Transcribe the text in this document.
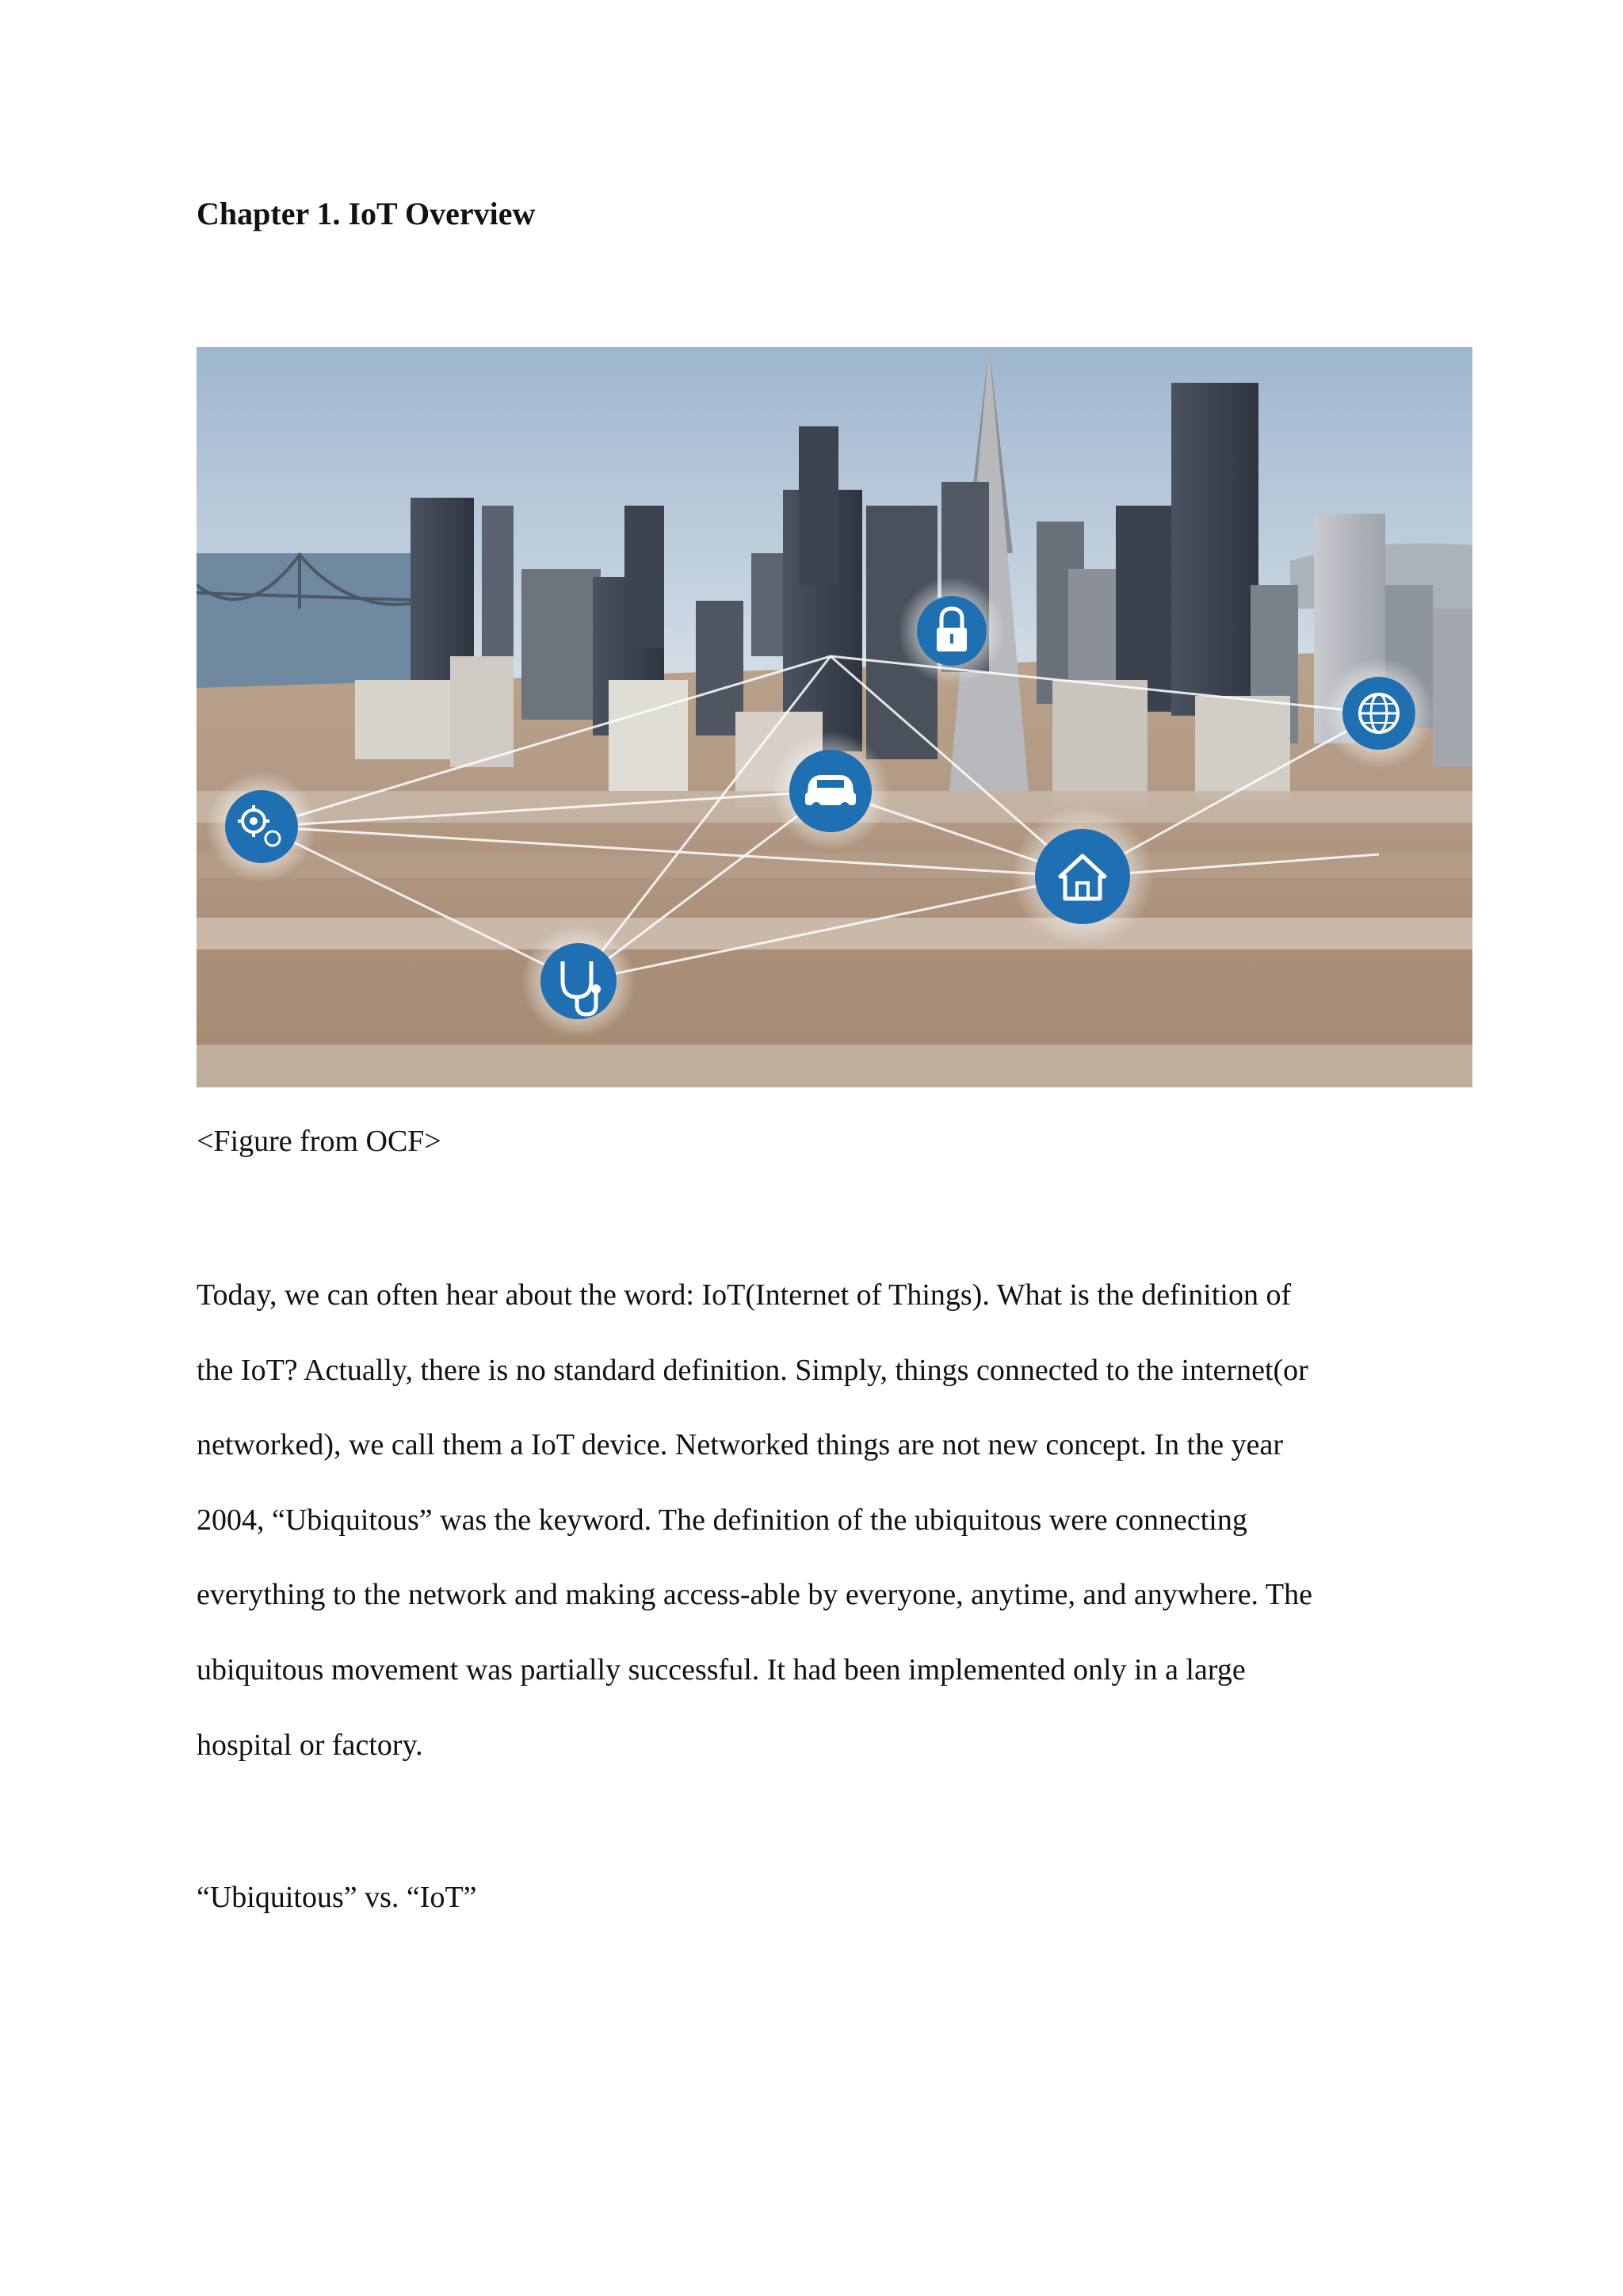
Chapter 1. IoT Overview
<Figure from OCF>
Today, we can often hear about the word: IoT(Internet of Things). What is the definition of
the IoT? Actually, there is no standard definition. Simply, things connected to the internet(or
networked), we call them a IoT device. Networked things are not new concept. In the year
2004, “Ubiquitous” was the keyword. The definition of the ubiquitous were connecting
everything to the network and making access-able by everyone, anytime, and anywhere. The
ubiquitous movement was partially successful. It had been implemented only in a large
hospital or factory.
“Ubiquitous” vs. “IoT”
